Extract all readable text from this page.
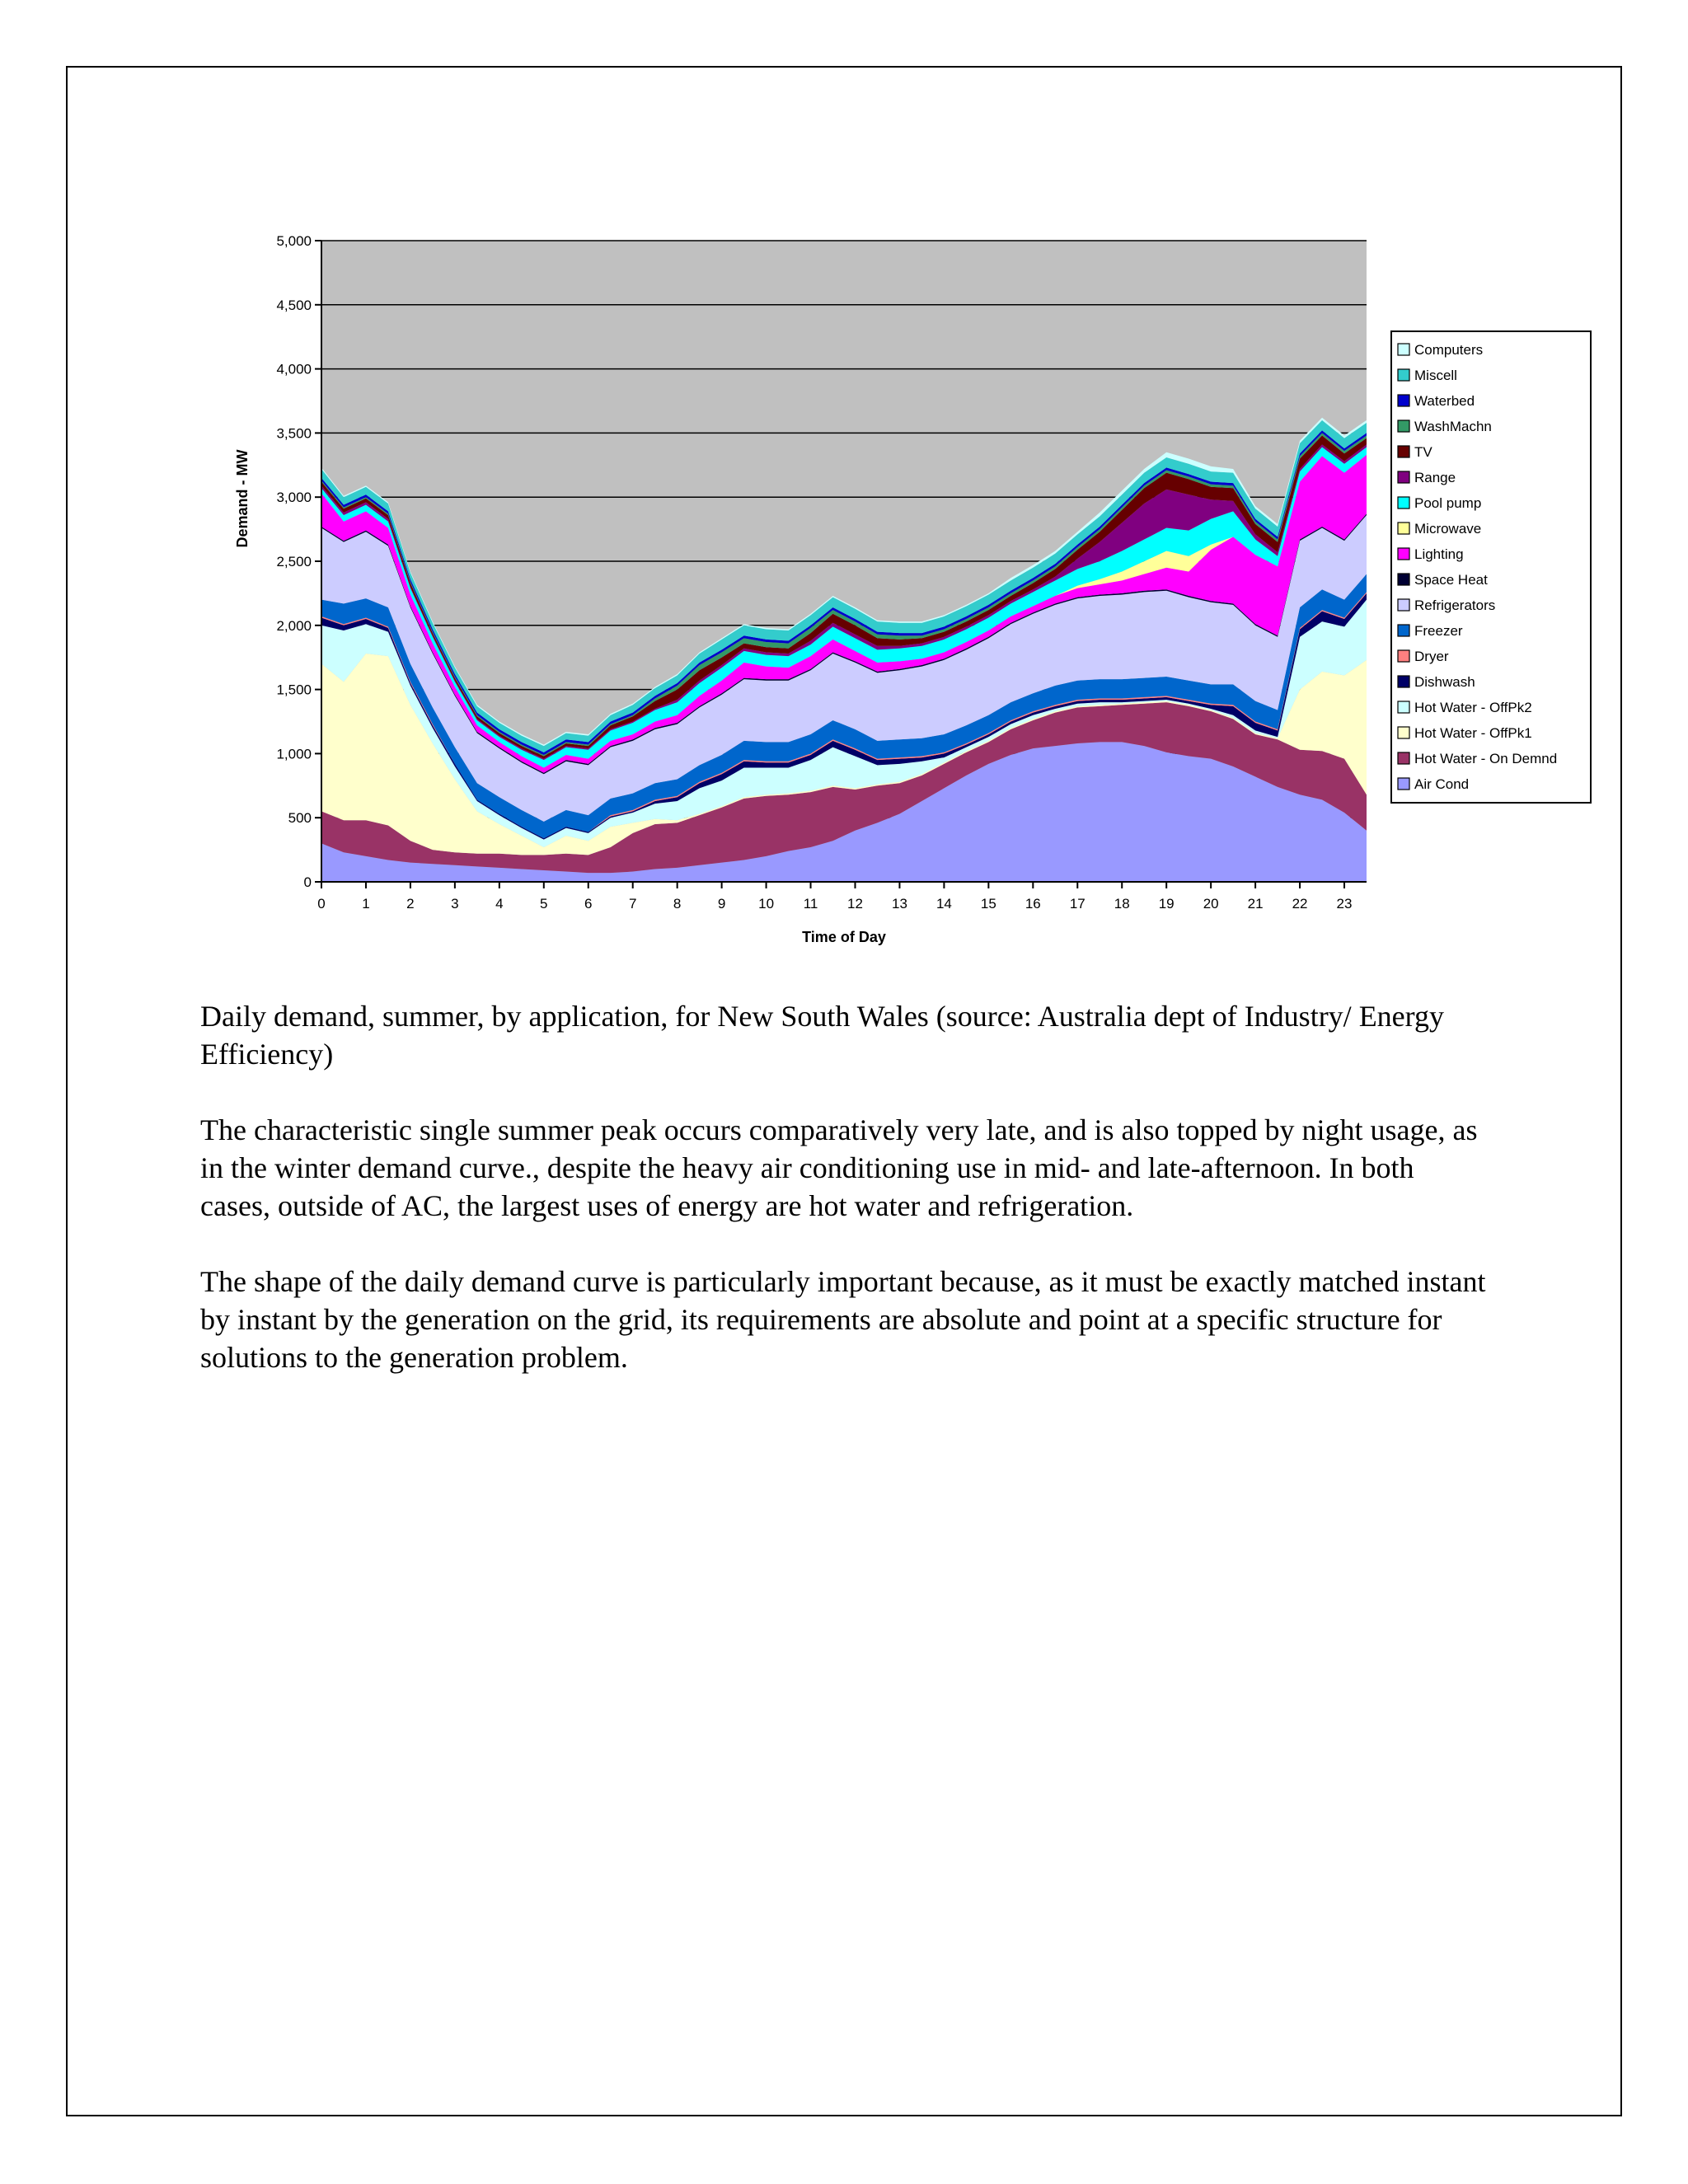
0
500
1,000
1,500
2,000
2,500
3,000
3,500
4,000
4,500
5,000
0	1	2	3	4	5	6	7	8	9 10 11 12 13 14 15 16 17 18 19 20 21 22 23
Demand - MW
Time of Day
Computers
Miscell
Waterbed
WashMachn
TV
Range
Pool pump
Microwave
Lighting
Space Heat
Refrigerators
Freezer
Dryer
Dishwash
Hot Water - OffPk2
Hot Water - OffPk1
Hot Water - On Demnd
Air Cond

Daily demand, summer, by application, for New South Wales (source: Australia dept of Industry/ Energy Efficiency)

The characteristic single summer peak occurs comparatively very late, and is also topped by night usage, as in the winter demand curve., despite the heavy air conditioning use in mid- and late-afternoon. In both cases, outside of AC, the largest uses of energy are hot water and refrigeration.

The shape of the daily demand curve is particularly important because, as it must be exactly matched instant by instant by the generation on the grid, its requirements are absolute and point at a specific structure for solutions to the generation problem.
